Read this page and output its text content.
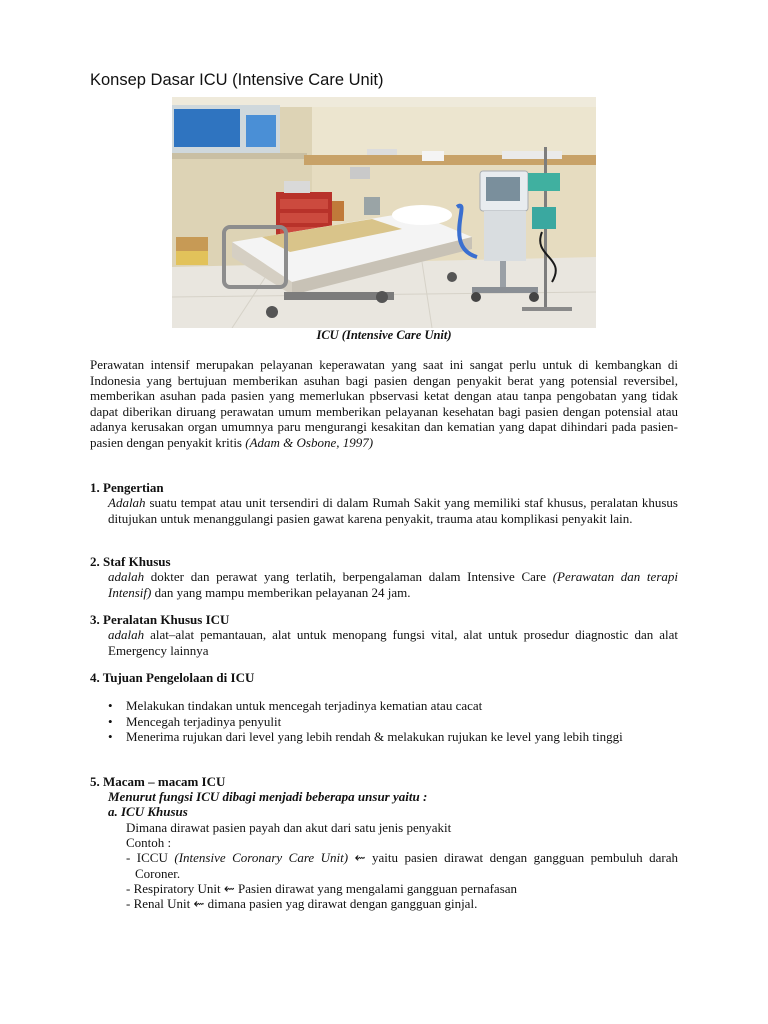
Konsep Dasar ICU (Intensive Care Unit)
ICU (Intensive Care Unit)
Perawatan intensif merupakan pelayanan keperawatan yang saat ini sangat perlu untuk di kembangkan di Indonesia yang bertujuan memberikan asuhan bagi pasien dengan penyakit berat yang potensial reversibel, memberikan asuhan pada pasien yang memerlukan pbservasi ketat dengan atau tanpa pengobatan yang tidak dapat diberikan diruang perawatan umum memberikan pelayanan kesehatan bagi pasien dengan potensial atau adanya kerusakan organ umumnya paru mengurangi kesakitan dan kematian yang dapat dihindari pada pasien-pasien dengan penyakit kritis (Adam & Osbone, 1997)
1. Pengertian
Adalah suatu tempat atau unit tersendiri di dalam Rumah Sakit yang memiliki staf khusus, peralatan khusus ditujukan untuk menanggulangi pasien gawat karena penyakit, trauma atau komplikasi penyakit lain.
2. Staf Khusus
adalah dokter dan perawat yang terlatih, berpengalaman dalam Intensive Care (Perawatan dan terapi Intensif) dan yang mampu memberikan pelayanan 24 jam.
3. Peralatan Khusus ICU
adalah alat–alat pemantauan, alat untuk menopang fungsi vital, alat untuk prosedur diagnostic dan alat Emergency lainnya
4. Tujuan Pengelolaan di ICU
• Melakukan tindakan untuk mencegah terjadinya kematian atau cacat
• Mencegah terjadinya penyulit
• Menerima rujukan dari level yang lebih rendah & melakukan rujukan ke level yang lebih tinggi
5. Macam – macam ICU
Menurut fungsi ICU dibagi menjadi beberapa unsur yaitu :
a. ICU Khusus
Dimana dirawat pasien payah dan akut dari satu jenis penyakit
Contoh :
- ICCU (Intensive Coronary Care Unit) ⇜ yaitu pasien dirawat dengan gangguan pembuluh darah Coroner.
- Respiratory Unit ⇜ Pasien dirawat yang mengalami gangguan pernafasan
- Renal Unit ⇜ dimana pasien yag dirawat dengan gangguan ginjal.
